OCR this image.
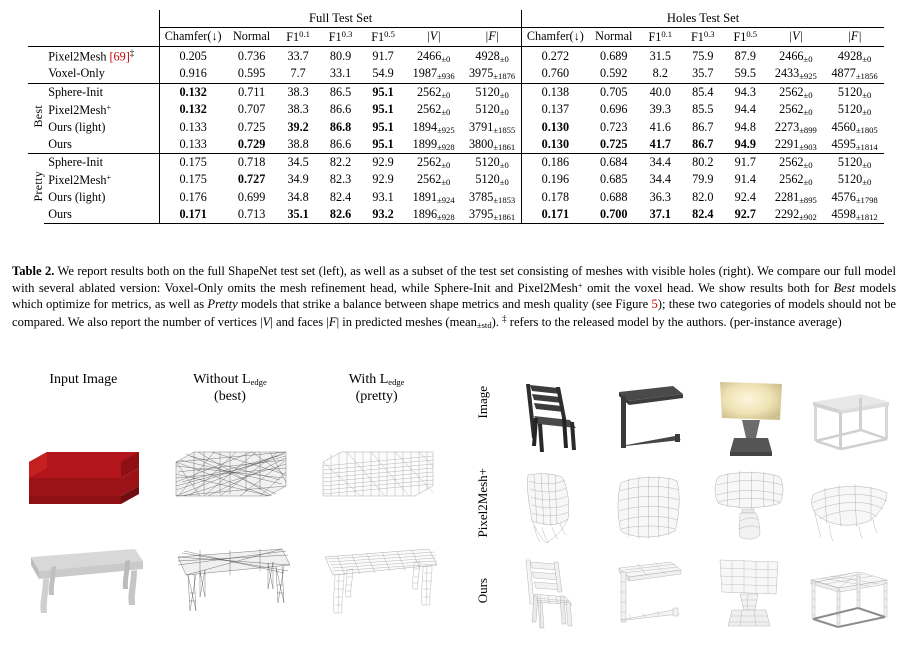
		Full Test Set							Holes Test Set						
		Chamfer(↓)	Normal	$F1^{0.1}$	$F1^{0.3}$	$F1^{0.5}$	|V|	|F|	Chamfer(↓)	Normal	$F1^{0.1}$	$F1^{0.3}$	$F1^{0.5}$	|V|	|F|
	Pixel2Mesh [69]‡	0.205	0.736	33.7	80.9	91.7	$2466_{\pm 0}$	$4928_{\pm 0}$	0.272	0.689	31.5	75.9	87.9	$2466_{\pm 0}$	$4928_{\pm 0}$
	Voxel-Only	0.916	0.595	7.7	33.1	54.9	$1987_{\pm 936}$	$3975_{\pm 1876}$	0.760	0.592	8.2	35.7	59.5	$2433_{\pm 925}$	$4877_{\pm 1856}$
Best	Sphere-Init	0.132	0.711	38.3	86.5	95.1	$2562_{\pm 0}$	$5120_{\pm 0}$	0.138	0.705	40.0	85.4	94.3	$2562_{\pm 0}$	$5120_{\pm 0}$
	Pixel2Mesh+	0.132	0.707	38.3	86.6	95.1	$2562_{\pm 0}$	$5120_{\pm 0}$	0.137	0.696	39.3	85.5	94.4	$2562_{\pm 0}$	$5120_{\pm 0}$
	Ours (light)	0.133	0.725	39.2	86.8	95.1	$1894_{\pm 925}$	$3791_{\pm 1855}$	0.130	0.723	41.6	86.7	94.8	$2273_{\pm 899}$	$4560_{\pm 1805}$
	Ours	0.133	0.729	38.8	86.6	95.1	$1899_{\pm 928}$	$3800_{\pm 1861}$	0.130	0.725	41.7	86.7	94.9	$2291_{\pm 903}$	$4595_{\pm 1814}$
Pretty	Sphere-Init	0.175	0.718	34.5	82.2	92.9	$2562_{\pm 0}$	$5120_{\pm 0}$	0.186	0.684	34.4	80.2	91.7	$2562_{\pm 0}$	$5120_{\pm 0}$
	Pixel2Mesh+	0.175	0.727	34.9	82.3	92.9	$2562_{\pm 0}$	$5120_{\pm 0}$	0.196	0.685	34.4	79.9	91.4	$2562_{\pm 0}$	$5120_{\pm 0}$
	Ours (light)	0.176	0.699	34.8	82.4	93.1	$1891_{\pm 924}$	$3785_{\pm 1853}$	0.178	0.688	36.3	82.0	92.4	$2281_{\pm 895}$	$4576_{\pm 1798}$
	Ours	0.171	0.713	35.1	82.6	93.2	$1896_{\pm 928}$	$3795_{\pm 1861}$	0.171	0.700	37.1	82.4	92.7	$2292_{\pm 902}$	$4598_{\pm 1812}$
Table 2. We report results both on the full ShapeNet test set (left), as well as a subset of the test set consisting of meshes with visible holes (right). We compare our full model with several ablated version: Voxel-Only omits the mesh refinement head, while Sphere-Init and Pixel2Mesh+ omit the voxel head. We show results both for Best models which optimize for metrics, as well as Pretty models that strike a balance between shape metrics and mesh quality (see Figure 5); these two categories of models should not be compared. We also report the number of vertices |V| and faces |F| in predicted meshes (mean$_{\pm std}$). ‡ refers to the released model by the authors. (per-instance average)
Input Image	Without $L_{edge}$
(best)
With $L_{edge}$
(pretty)	Image
Pixel2Mesh+
Ours
